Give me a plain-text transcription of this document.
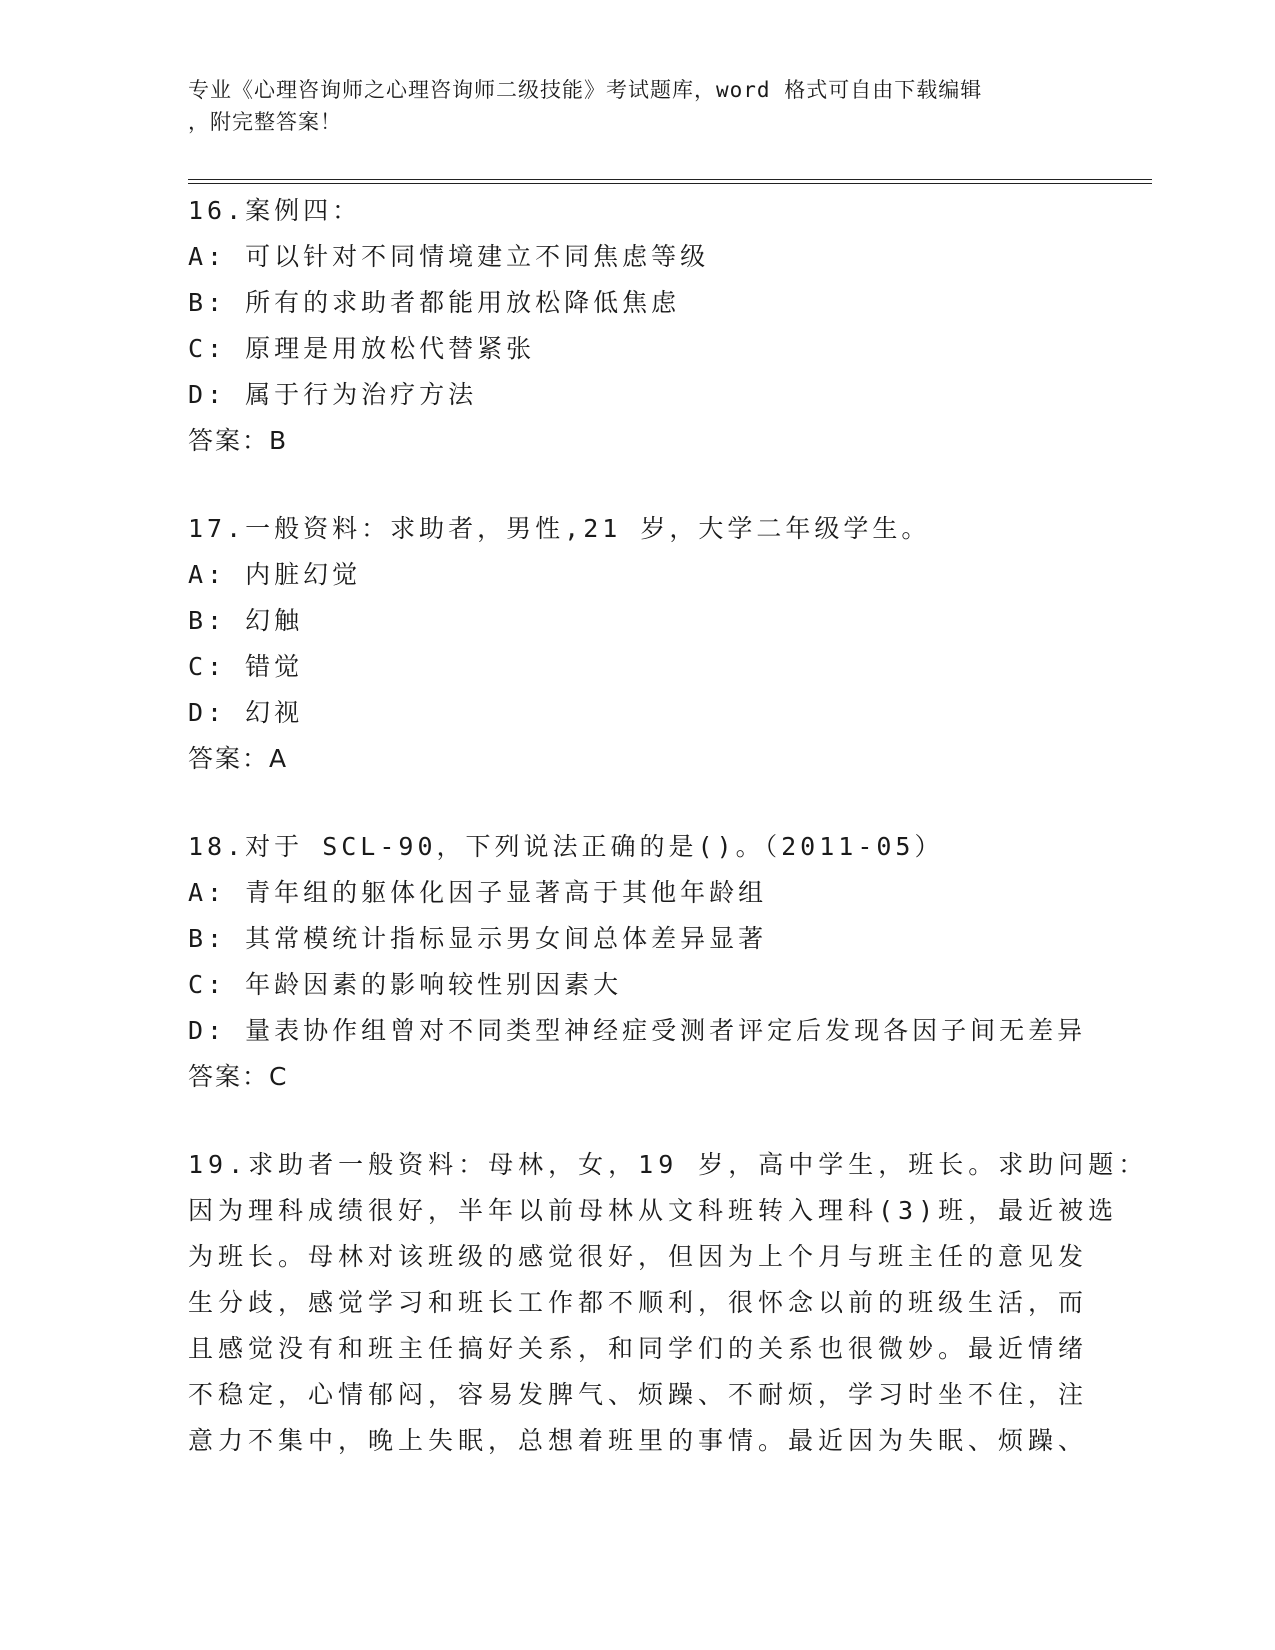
专业《心理咨询师之心理咨询师二级技能》考试题库，word 格式可自由下载编辑
，附完整答案！

16.案例四：

A: 可以针对不同情境建立不同焦虑等级

B: 所有的求助者都能用放松降低焦虑

C: 原理是用放松代替紧张

D: 属于行为治疗方法

答案：B

17.一般资料：求助者，男性,21 岁，大学二年级学生。

A: 内脏幻觉

B: 幻触

C: 错觉

D: 幻视

答案：A

18.对于 SCL-90，下列说法正确的是()。（2011-05）

A: 青年组的躯体化因子显著高于其他年龄组

B: 其常模统计指标显示男女间总体差异显著

C: 年龄因素的影响较性别因素大

D: 量表协作组曾对不同类型神经症受测者评定后发现各因子间无差异

答案：C

19.求助者一般资料：母林，女，19 岁，高中学生，班长。求助问题：

因为理科成绩很好，半年以前母林从文科班转入理科(3)班，最近被选

为班长。母林对该班级的感觉很好，但因为上个月与班主任的意见发

生分歧，感觉学习和班长工作都不顺利，很怀念以前的班级生活，而

且感觉没有和班主任搞好关系，和同学们的关系也很微妙。最近情绪

不稳定，心情郁闷，容易发脾气、烦躁、不耐烦，学习时坐不住，注

意力不集中，晚上失眠，总想着班里的事情。最近因为失眠、烦躁、
